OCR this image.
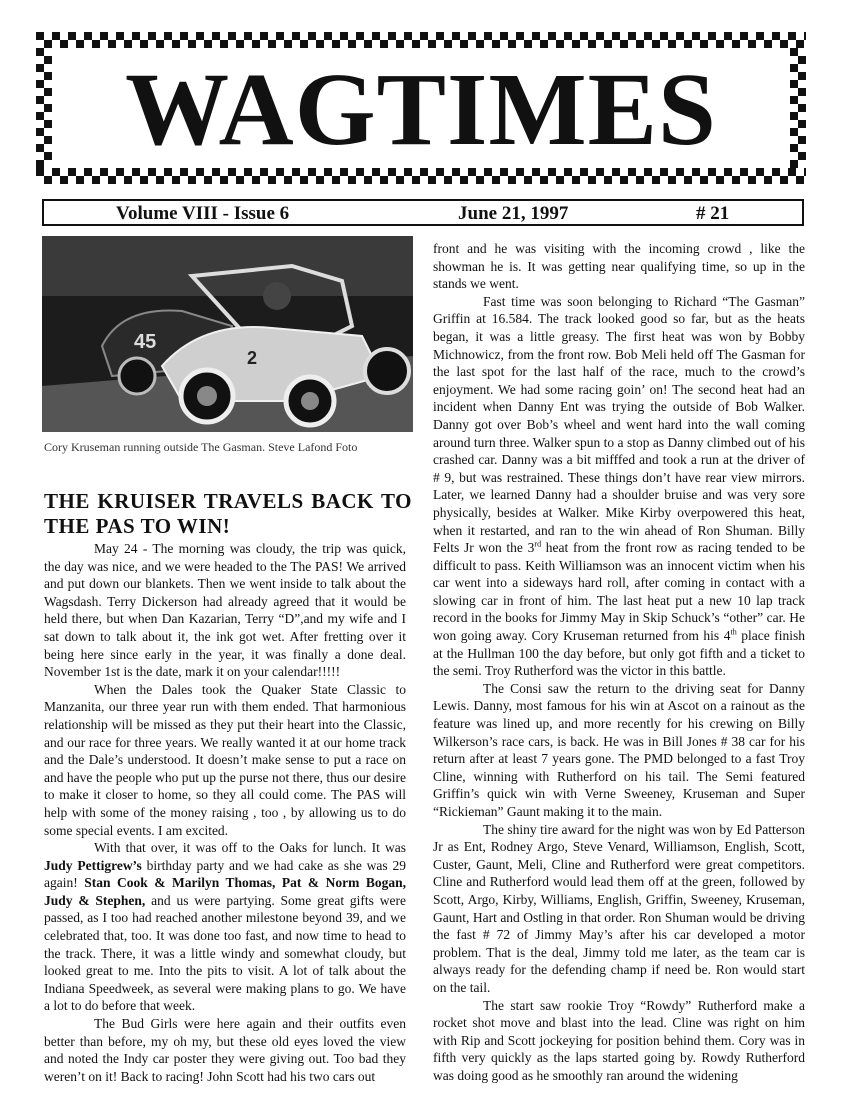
WAGTIMES
Volume VIII - Issue 6	June 21, 1997	# 21
45
2
Cory Kruseman running outside The Gasman. Steve Lafond Foto
THE KRUISER TRAVELS BACK TO THE PAS TO WIN!

May 24 - The morning was cloudy, the trip was quick, the day was nice, and we were headed to the The PAS! We arrived and put down our blankets. Then we went inside to talk about the Wagsdash. Terry Dickerson had already agreed that it would be held there, but when Dan Kazarian, Terry “D”,and my wife and I sat down to talk about it, the ink got wet. After fretting over it being here since early in the year, it was finally a done deal. November 1st is the date, mark it on your calendar!!!!!

When the Dales took the Quaker State Classic to Manzanita, our three year run with them ended. That harmonious relationship will be missed as they put their heart into the Classic, and our race for three years. We really wanted it at our home track and the Dale’s understood. It doesn’t make sense to put a race on and have the people who put up the purse not there, thus our desire to make it closer to home, so they all could come. The PAS will help with some of the money raising , too , by allowing us to do some special events. I am excited.

With that over, it was off to the Oaks for lunch. It was Judy Pettigrew’s birthday party and we had cake as she was 29 again! Stan Cook & Marilyn Thomas, Pat & Norm Bogan, Judy & Stephen, and us were partying. Some great gifts were passed, as I too had reached another milestone beyond 39, and we celebrated that, too. It was done too fast, and now time to head to the track. There, it was a little windy and somewhat cloudy, but looked great to me. Into the pits to visit. A lot of talk about the Indiana Speedweek, as several were making plans to go. We have a lot to do before that week.

The Bud Girls were here again and their outfits even better than before, my oh my, but these old eyes loved the view and noted the Indy car poster they were giving out. Too bad they weren’t on it! Back to racing! John Scott had his two cars out

front and he was visiting with the incoming crowd , like the showman he is. It was getting near qualifying time, so up in the stands we went.

Fast time was soon belonging to Richard “The Gasman” Griffin at 16.584. The track looked good so far, but as the heats began, it was a little greasy. The first heat was won by Bobby Michnowicz, from the front row. Bob Meli held off The Gasman for the last spot for the last half of the race, much to the crowd’s enjoyment. We had some racing goin’ on! The second heat had an incident when Danny Ent was trying the outside of Bob Walker. Danny got over Bob’s wheel and went hard into the wall coming around turn three. Walker spun to a stop as Danny climbed out of his crashed car. Danny was a bit mifffed and took a run at the driver of # 9, but was restrained. These things don’t have rear view mirrors. Later, we learned Danny had a shoulder bruise and was very sore physically, besides at Walker. Mike Kirby overpowered this heat, when it restarted, and ran to the win ahead of Ron Shuman. Billy Felts Jr won the 3rd heat from the front row as racing tended to be difficult to pass. Keith Williamson was an innocent victim when his car went into a sideways hard roll, after coming in contact with a slowing car in front of him. The last heat put a new 10 lap track record in the books for Jimmy May in Skip Schuck’s “other” car. He won going away. Cory Kruseman returned from his 4th place finish at the Hullman 100 the day before, but only got fifth and a ticket to the semi. Troy Rutherford was the victor in this battle.

The Consi saw the return to the driving seat for Danny Lewis. Danny, most famous for his win at Ascot on a rainout as the feature was lined up, and more recently for his crewing on Billy Wilkerson’s race cars, is back. He was in Bill Jones # 38 car for his return after at least 7 years gone. The PMD belonged to a fast Troy Cline, winning with Rutherford on his tail. The Semi featured Griffin’s quick win with Verne Sweeney, Kruseman and Super “Rickieman” Gaunt making it to the main.

The shiny tire award for the night was won by Ed Patterson Jr as Ent, Rodney Argo, Steve Venard, Williamson, English, Scott, Custer, Gaunt, Meli, Cline and Rutherford were great competitors. Cline and Rutherford would lead them off at the green, followed by Scott, Argo, Kirby, Williams, English, Griffin, Sweeney, Kruseman, Gaunt, Hart and Ostling in that order. Ron Shuman would be driving the fast # 72 of Jimmy May’s after his car developed a motor problem. That is the deal, Jimmy told me later, as the team car is always ready for the defending champ if need be. Ron would start on the tail.

The start saw rookie Troy “Rowdy” Rutherford make a rocket shot move and blast into the lead. Cline was right on him with Rip and Scott jockeying for position behind them. Cory was in fifth very quickly as the laps started going by. Rowdy Rutherford was doing good as he smoothly ran around the widening
